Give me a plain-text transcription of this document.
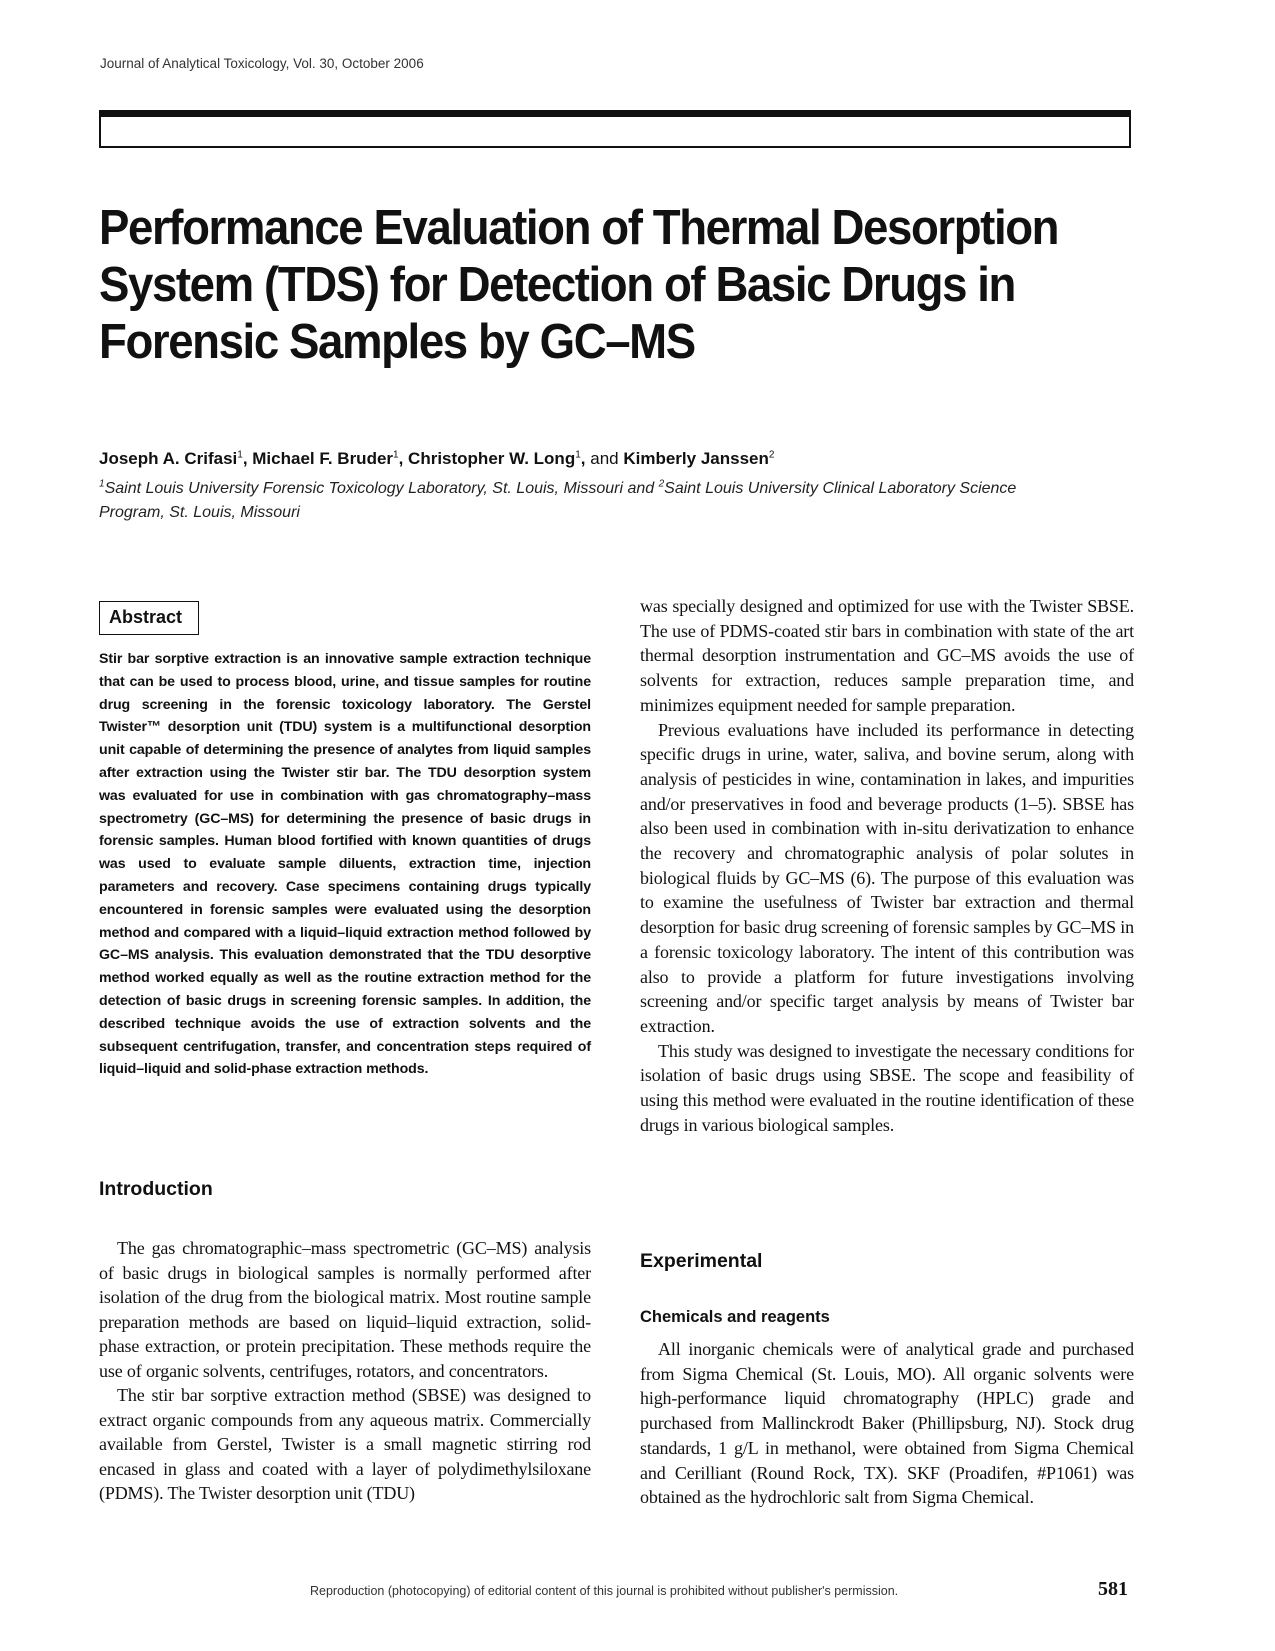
Journal of Analytical Toxicology, Vol. 30, October 2006
Performance Evaluation of Thermal Desorption System (TDS) for Detection of Basic Drugs in Forensic Samples by GC–MS
Joseph A. Crifasi$^1$, Michael F. Bruder$^1$, Christopher W. Long$^1$, and Kimberly Janssen$^2$
$^1$Saint Louis University Forensic Toxicology Laboratory, St. Louis, Missouri and $^2$Saint Louis University Clinical Laboratory Science Program, St. Louis, Missouri
Abstract
Stir bar sorptive extraction is an innovative sample extraction technique that can be used to process blood, urine, and tissue samples for routine drug screening in the forensic toxicology laboratory. The Gerstel Twister™ desorption unit (TDU) system is a multifunctional desorption unit capable of determining the presence of analytes from liquid samples after extraction using the Twister stir bar. The TDU desorption system was evaluated for use in combination with gas chromatography–mass spectrometry (GC–MS) for determining the presence of basic drugs in forensic samples. Human blood fortified with known quantities of drugs was used to evaluate sample diluents, extraction time, injection parameters and recovery. Case specimens containing drugs typically encountered in forensic samples were evaluated using the desorption method and compared with a liquid–liquid extraction method followed by GC–MS analysis. This evaluation demonstrated that the TDU desorptive method worked equally as well as the routine extraction method for the detection of basic drugs in screening forensic samples. In addition, the described technique avoids the use of extraction solvents and the subsequent centrifugation, transfer, and concentration steps required of liquid–liquid and solid-phase extraction methods.
Introduction

The gas chromatographic–mass spectrometric (GC–MS) analysis of basic drugs in biological samples is normally performed after isolation of the drug from the biological matrix. Most routine sample preparation methods are based on liquid–liquid extraction, solid-phase extraction, or protein precipitation. These methods require the use of organic solvents, centrifuges, rotators, and concentrators.

The stir bar sorptive extraction method (SBSE) was designed to extract organic compounds from any aqueous matrix. Commercially available from Gerstel, Twister is a small magnetic stirring rod encased in glass and coated with a layer of polydimethylsiloxane (PDMS). The Twister desorption unit (TDU)

was specially designed and optimized for use with the Twister SBSE. The use of PDMS-coated stir bars in combination with state of the art thermal desorption instrumentation and GC–MS avoids the use of solvents for extraction, reduces sample preparation time, and minimizes equipment needed for sample preparation.

Previous evaluations have included its performance in detecting specific drugs in urine, water, saliva, and bovine serum, along with analysis of pesticides in wine, contamination in lakes, and impurities and/or preservatives in food and beverage products (1–5). SBSE has also been used in combination with in-situ derivatization to enhance the recovery and chromatographic analysis of polar solutes in biological fluids by GC–MS (6). The purpose of this evaluation was to examine the usefulness of Twister bar extraction and thermal desorption for basic drug screening of forensic samples by GC–MS in a forensic toxicology laboratory. The intent of this contribution was also to provide a platform for future investigations involving screening and/or specific target analysis by means of Twister bar extraction.

This study was designed to investigate the necessary conditions for isolation of basic drugs using SBSE. The scope and feasibility of using this method were evaluated in the routine identification of these drugs in various biological samples.

Experimental
Chemicals and reagents

All inorganic chemicals were of analytical grade and purchased from Sigma Chemical (St. Louis, MO). All organic solvents were high-performance liquid chromatography (HPLC) grade and purchased from Mallinckrodt Baker (Phillipsburg, NJ). Stock drug standards, 1 g/L in methanol, were obtained from Sigma Chemical and Cerilliant (Round Rock, TX). SKF (Proadifen, #P1061) was obtained as the hydrochloric salt from Sigma Chemical.

Reproduction (photocopying) of editorial content of this journal is prohibited without publisher's permission.	581
